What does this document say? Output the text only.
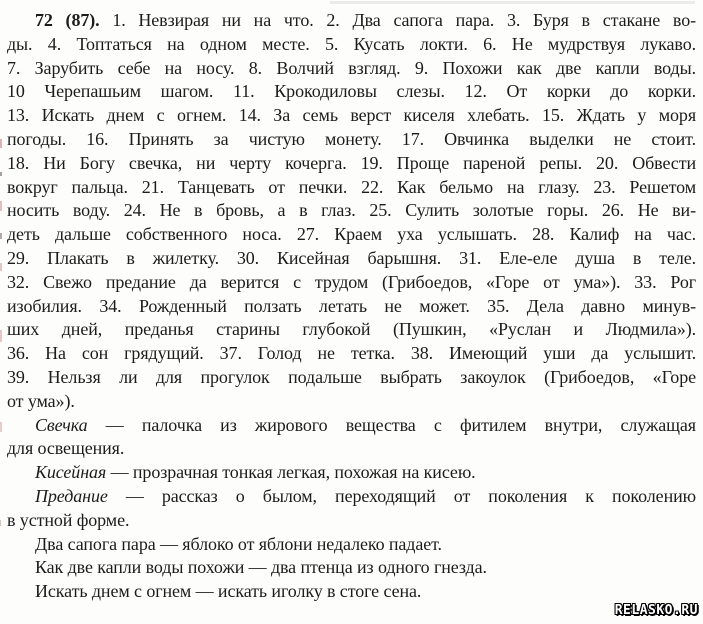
72 (87). 1. Невзирая ни на что. 2. Два сапога пара. 3. Буря в стакане во-
ды. 4. Топтаться на одном месте. 5. Кусать локти. 6. Не мудрствуя лукаво.
7. Зарубить себе на носу. 8. Волчий взгляд. 9. Похожи как две капли воды.
10 Черепашьим шагом. 11. Крокодиловы слезы. 12. От корки до корки.
13. Искать днем с огнем. 14. За семь верст киселя хлебать. 15. Ждать у моря
погоды. 16. Принять за чистую монету. 17. Овчинка выделки не стоит.
18. Ни Богу свечка, ни черту кочерга. 19. Проще пареной репы. 20. Обвести
вокруг пальца. 21. Танцевать от печки. 22. Как бельмо на глазу. 23. Решетом
носить воду. 24. Не в бровь, а в глаз. 25. Сулить золотые горы. 26. Не ви-
деть дальше собственного носа. 27. Краем уха услышать. 28. Калиф на час.
29. Плакать в жилетку. 30. Кисейная барышня. 31. Еле-еле душа в теле.
32. Свежо предание да верится с трудом (Грибоедов, «Горе от ума»). 33. Рог
изобилия. 34. Рожденный ползать летать не может. 35. Дела давно минув-
ших дней, преданья старины глубокой (Пушкин, «Руслан и Людмила»).
36. На сон грядущий. 37. Голод не тетка. 38. Имеющий уши да услышит.
39. Нельзя ли для прогулок подальше выбрать закоулок (Грибоедов, «Горе
от ума»).
Свечка — палочка из жирового вещества с фитилем внутри, служащая
для освещения.
Кисейная — прозрачная тонкая легкая, похожая на кисею.
Предание — рассказ о былом, переходящий от поколения к поколению
в устной форме.
Два сапога пара — яблоко от яблони недалеко падает.
Как две капли воды похожи — два птенца из одного гнезда.
Искать днем с огнем — искать иголку в стоге сена.
RELASKO.RU
